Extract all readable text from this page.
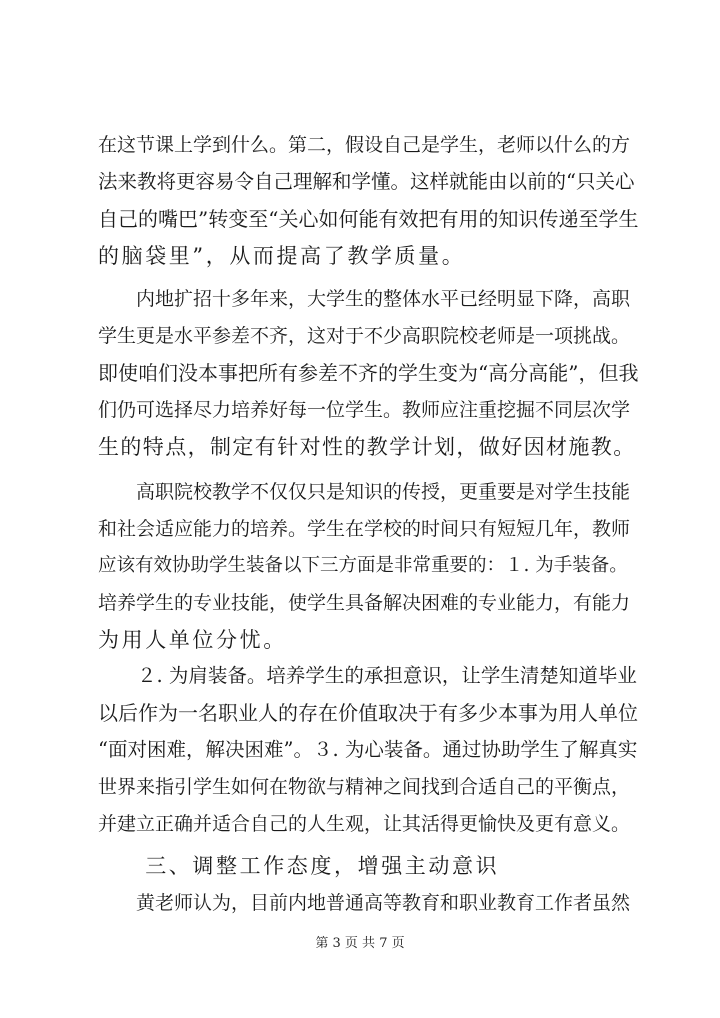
在这节课上学到什么。第二，假设自己是学生，老师以什么的方
法来教将更容易令自己理解和学懂。这样就能由以前的“只关心
自己的嘴巴”转变至“关心如何能有效把有用的知识传递至学生
的脑袋里”，从而提高了教学质量。
　　内地扩招十多年来，大学生的整体水平已经明显下降，高职
学生更是水平参差不齐，这对于不少高职院校老师是一项挑战。
即使咱们没本事把所有参差不齐的学生变为“高分高能”，但我
们仍可选择尽力培养好每一位学生。教师应注重挖掘不同层次学
生的特点，制定有针对性的教学计划，做好因材施教。
　　高职院校教学不仅仅只是知识的传授，更重要是对学生技能
和社会适应能力的培养。学生在学校的时间只有短短几年，教师
应该有效协助学生装备以下三方面是非常重要的：１. 为手装备。
培养学生的专业技能，使学生具备解决困难的专业能力，有能力
为用人单位分忧。
　　２. 为肩装备。培养学生的承担意识，让学生清楚知道毕业
以后作为一名职业人的存在价值取决于有多少本事为用人单位
“面对困难，解决困难”。３. 为心装备。通过协助学生了解真实
世界来指引学生如何在物欲与精神之间找到合适自己的平衡点，
并建立正确并适合自己的人生观，让其活得更愉快及更有意义。
　　三、调整工作态度，增强主动意识
　　黄老师认为，目前内地普通高等教育和职业教育工作者虽然
第 3 页 共 7 页
